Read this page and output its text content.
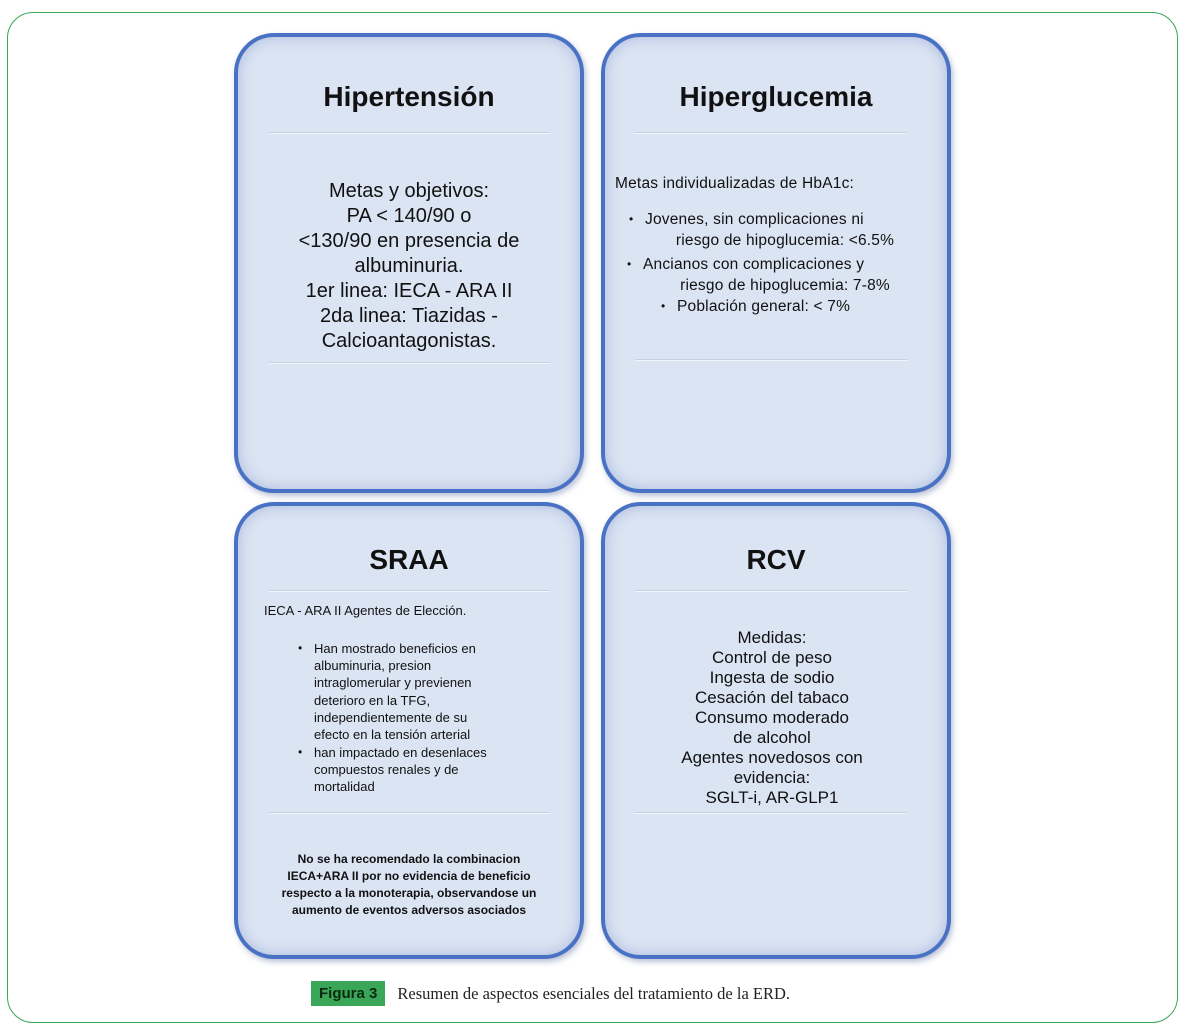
Hipertensión
Metas y objetivos:
PA < 140/90 o
<130/90 en presencia de
albuminuria.
1er linea: IECA - ARA II
2da linea: Tiazidas -
Calcioantagonistas.
Hiperglucemia
Metas individualizadas de HbA1c:
• Jovenes, sin complicaciones ni
riesgo de hipoglucemia: <6.5%
• Ancianos con complicaciones y
riesgo de hipoglucemia: 7-8%
• Población general: < 7%
SRAA
IECA - ARA II Agentes de Elección.
• Han mostrado beneficios en
albuminuria, presion
intraglomerular y previenen
deterioro en la TFG,
independientemente de su
efecto en la tensión arterial
• han impactado en desenlaces
compuestos renales y de
mortalidad
No se ha recomendado la combinacion
IECA+ARA II por no evidencia de beneficio
respecto a la monoterapia, observandose un
aumento de eventos adversos asociados
RCV
Medidas:
Control de peso
Ingesta de sodio
Cesación del tabaco
Consumo moderado
de alcohol
Agentes novedosos con
evidencia:
SGLT-i, AR-GLP1
Figura 3	Resumen de aspectos esenciales del tratamiento de la ERD.
